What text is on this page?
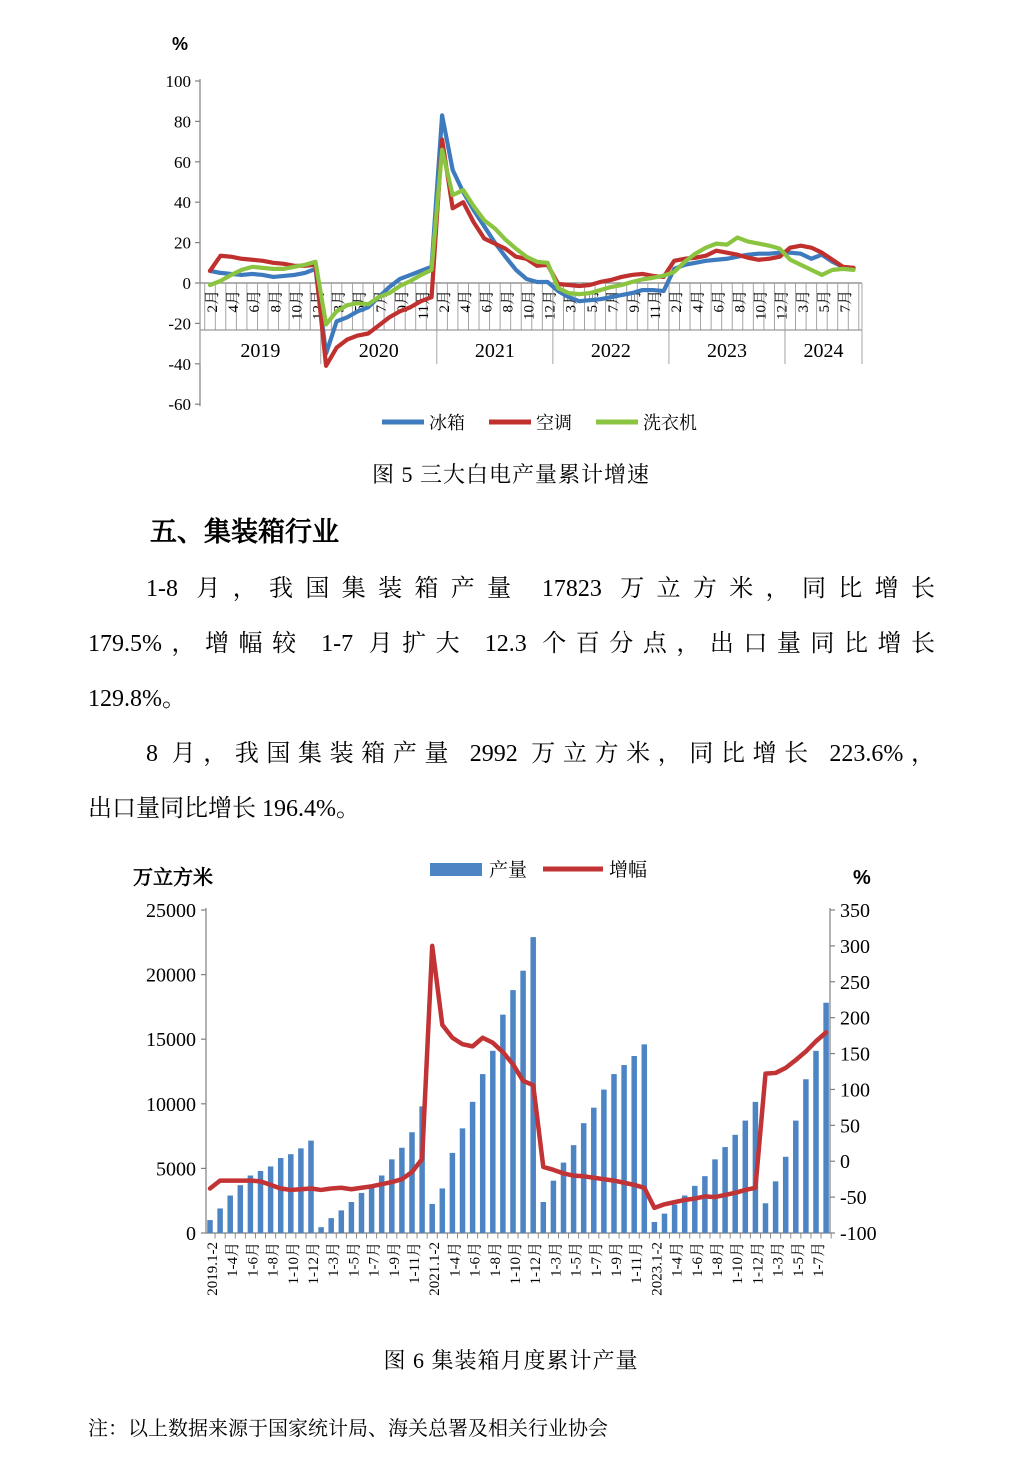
%
100
80
60
40
20
0
-20
-40
-60
2月 4月 6月 8月 10月 12月 3月 5月 7月 9月 11月 2月 4月 6月 8月 10月 12月 3月 5月 7月 9月 11月 2月 4月 6月 8月 10月 12月 3月 5月 7月
2019	2020	2021	2022	2023	2024
冰箱	空调	洗衣机
图 5 三大白电产量累计增速
五、集装箱行业
1-8 月，我国集装箱产量 17823 万立方米，同比增长
179.5%，增幅较 1-7 月扩大 12.3 个百分点，出口量同比增长
129.8%。
8 月，我国集装箱产量 2992 万立方米，同比增长 223.6%，
出口量同比增长 196.4%。
万立方米	%
0
5000
10000
15000
20000
25000
-100
-50
0
50
100
150
200
250
300
350
2019.1-2 1-4月 1-6月 1-8月 1-10月 1-12月 1-3月 1-5月 1-7月 1-9月 1-11月 2021.1-2 1-4月 1-6月 1-8月 1-10月 1-12月 1-3月 1-5月 1-7月 1-9月 1-11月 2023.1-2 1-4月 1-6月 1-8月 1-10月 1-12月 1-3月 1-5月 1-7月
产量	增幅
图 6 集装箱月度累计产量
注：以上数据来源于国家统计局、海关总署及相关行业协会
